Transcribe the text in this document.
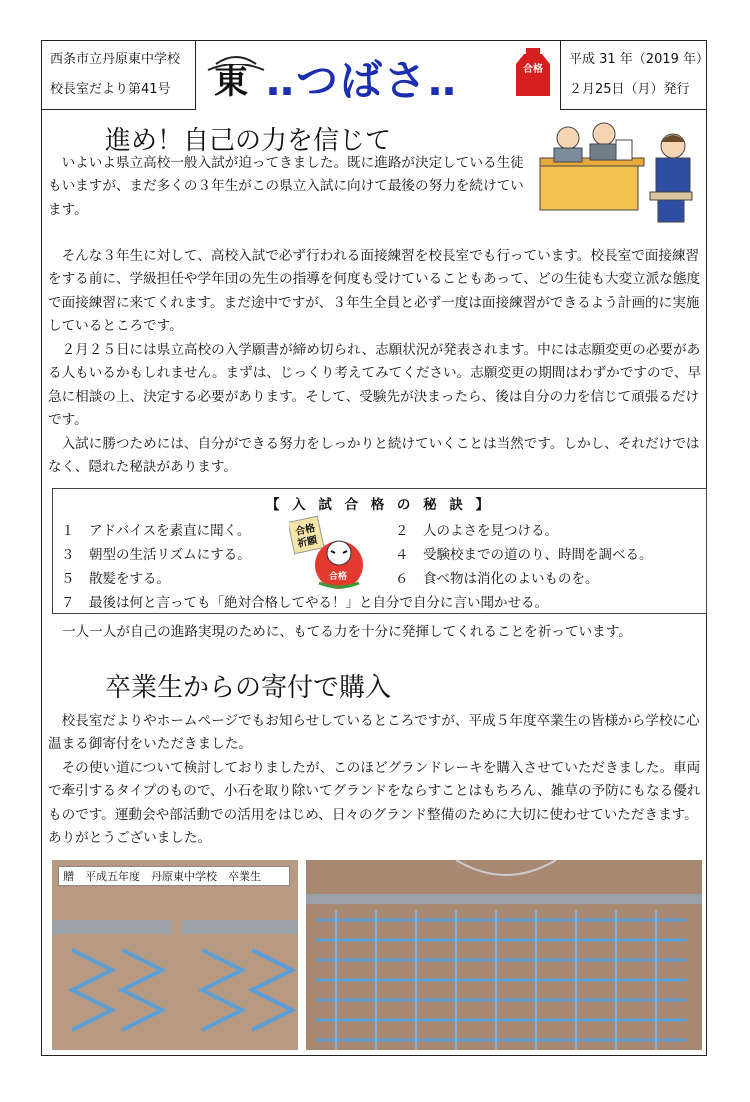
西条市立丹原東中学校
校長室だより第41号	東 ‥つばさ‥	合格
平成 31 年（2019 年）
２月25日（月）発行
進め！自己の力を信じて

いよいよ県立高校一般入試が迫ってきました。既に進路が決定している生徒もいますが、まだ多くの３年生がこの県立入試に向けて最後の努力を続けています。

そんな３年生に対して、高校入試で必ず行われる面接練習を校長室でも行っています。校長室で面接練習をする前に、学級担任や学年団の先生の指導を何度も受けていることもあって、どの生徒も大変立派な態度で面接練習に来てくれます。まだ途中ですが、３年生全員と必ず一度は面接練習ができるよう計画的に実施しているところです。

２月２５日には県立高校の入学願書が締め切られ、志願状況が発表されます。中には志願変更の必要がある人もいるかもしれません。まずは、じっくり考えてみてください。志願変更の期間はわずかですので、早急に相談の上、決定する必要があります。そして、受験先が決まったら、後は自分の力を信じて頑張るだけです。

入試に勝つためには、自分ができる努力をしっかりと続けていくことは当然です。しかし、それだけではなく、隠れた秘訣があります。

【 入 試 合 格 の 秘 訣 】
１ アドバイスを素直に聞く。	２ 人のよさを見つける。
３ 朝型の生活リズムにする。	４ 受験校までの道のり、時間を調べる。
５ 散髪をする。	６ 食べ物は消化のよいものを。
７ 最後は何と言っても「絶対合格してやる！」と自分で自分に言い聞かせる。
合格
祈願
合格
一人一人が自己の進路実現のために、もてる力を十分に発揮してくれることを祈っています。
卒業生からの寄付で購入

校長室だよりやホームページでもお知らせしているところですが、平成５年度卒業生の皆様から学校に心温まる御寄付をいただきました。

その使い道について検討しておりましたが、このほどグランドレーキを購入させていただきました。車両で牽引するタイプのもので、小石を取り除いてグランドをならすことはもちろん、雑草の予防にもなる優れものです。運動会や部活動での活用をはじめ、日々のグランド整備のために大切に使わせていただきます。ありがとうございました。

贈　平成五年度　丹原東中学校　卒業生
